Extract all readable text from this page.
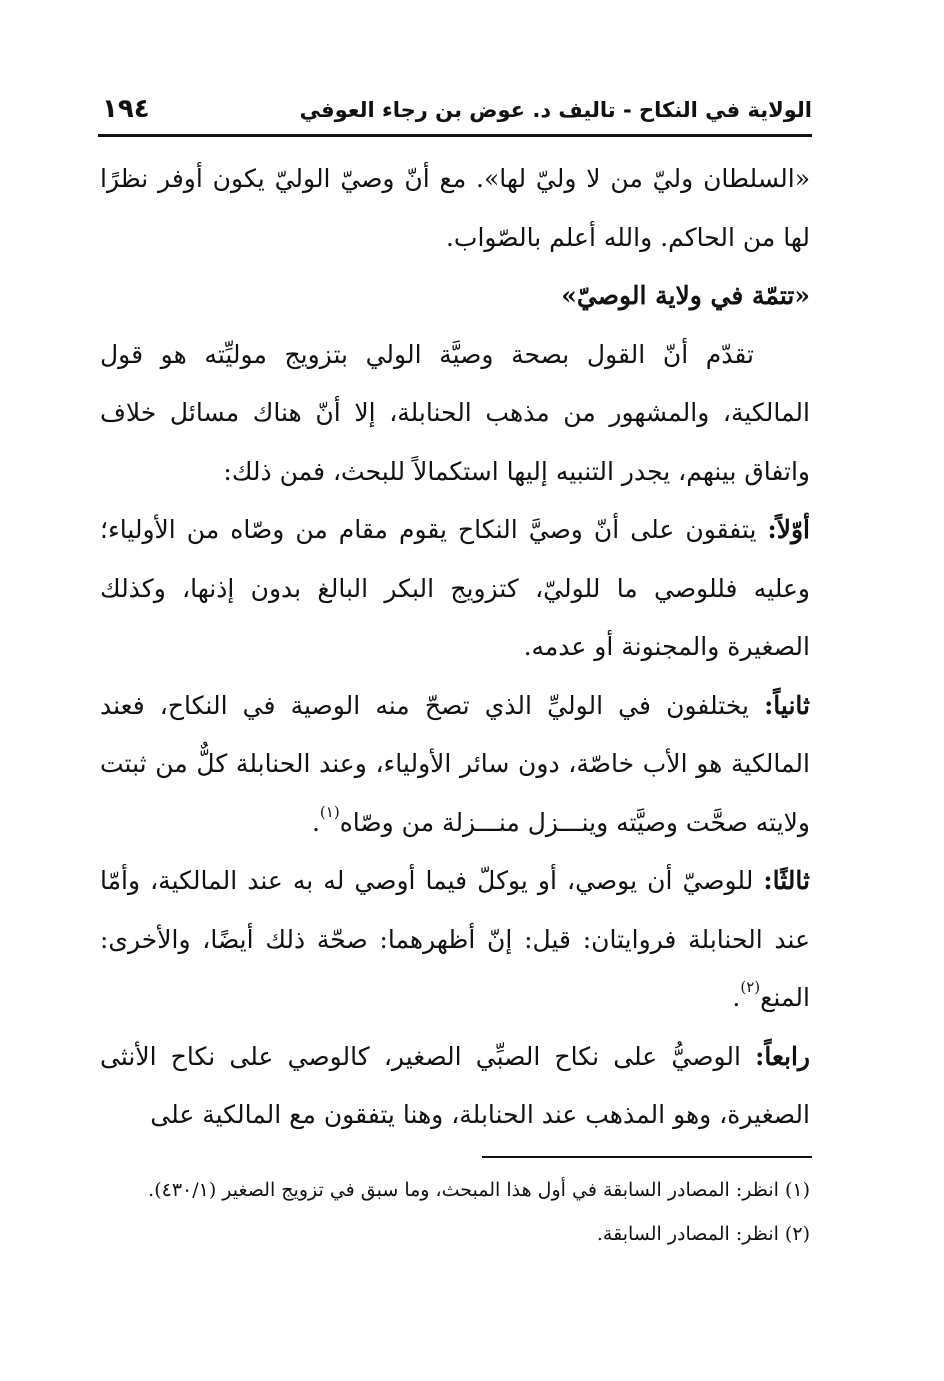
الولاية في النكاح - تاليف د. عوض بن رجاء العوفي
١٩٤

«السلطان وليّ من لا وليّ لها». مع أنّ وصيّ الوليّ يكون أوفر نظرًا لها من الحاكم. والله أعلم بالصّواب.

«تتمّة في ولاية الوصيّ»

تقدّم أنّ القول بصحة وصيَّة الولي بتزويج موليِّته هو قول المالكية، والمشهور من مذهب الحنابلة، إلا أنّ هناك مسائل خلاف واتفاق بينهم، يجدر التنبيه إليها استكمالاً للبحث، فمن ذلك:

أوّلاً: يتفقون على أنّ وصيَّ النكاح يقوم مقام من وصّاه من الأولياء؛ وعليه فللوصي ما للوليّ، كتزويج البكر البالغ بدون إذنها، وكذلك الصغيرة والمجنونة أو عدمه.

ثانياً: يختلفون في الوليِّ الذي تصحّ منه الوصية في النكاح، فعند المالكية هو الأب خاصّة، دون سائر الأولياء، وعند الحنابلة كلٌّ من ثبتت ولايته صحَّت وصيَّته وينـــزل منـــزلة من وصّاه$^{(١)}$.

ثالثًا: للوصيّ أن يوصي، أو يوكلّ فيما أوصي له به عند المالكية، وأمّا عند الحنابلة فروايتان: قيل: إنّ أظهرهما: صحّة ذلك أيضًا، والأخرى: المنع$^{(٢)}$.

رابعاً: الوصيُّ على نكاح الصبِّي الصغير، كالوصي على نكاح الأنثى الصغيرة، وهو المذهب عند الحنابلة، وهنا يتفقون مع المالكية على

(١) انظر: المصادر السابقة في أول هذا المبحث، وما سبق في تزويج الصغير (٤٣٠/١).

(٢) انظر: المصادر السابقة.
